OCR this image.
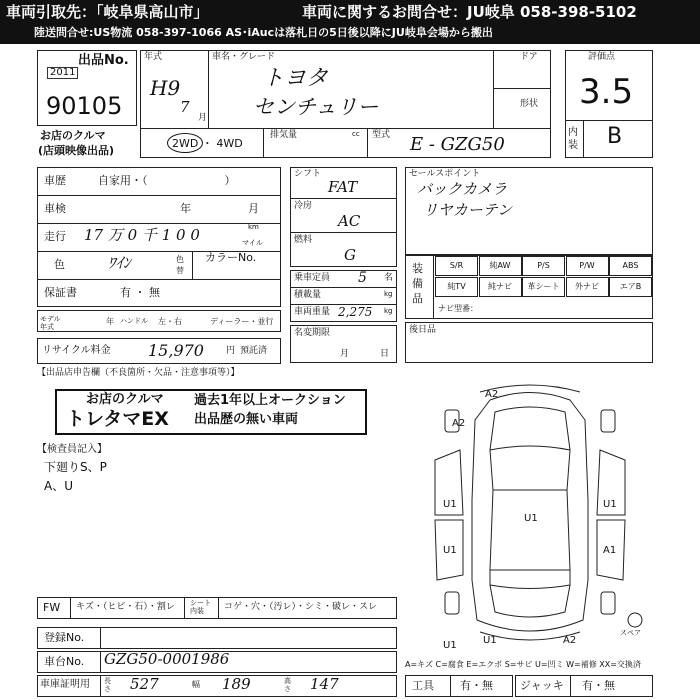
車両引取先：「岐阜県高山市」	車両に関するお問合せ：JU岐阜 058-398-5102
陸送問合せ:US物流 058-397-1066 AS･iAucは落札日の5日後以降にJU岐阜会場から搬出
出品No.
2011
90105
お店のクルマ
(店頭映像出品)
年式
H9
7
月
車名・グレード
トヨタ
センチュリー
ドア
形状
2WD ・ 4WD
排気量	cc 型式 E - GZG50
評価点
3.5
内装 B
車歴	自家用・（　　　　　　　）
車検	年	月
走行 17 万 0 千 1 0 0	km
マイル
色	ﾜｲﾝ	色替
カラーNo.
保証書	有 ・ 無
モデル年式
年 ハンドル 左・右	ディーラー・並行
リサイクル料金 15,970 円 預託済
シフト
FAT
冷房
AC
燃料
G
乗車定員 5 名
積載量	kg
車両重量 2,275 kg
名変期限
月	日
セールスポイント
バックカメラ
リヤカーテン
装備品
S/R	純AW	P/S	P/W	ABS
純TV	純ナビ	革シート	外ナビ	エアB
ナビ型番：
後日品
【出品店申告欄（不良箇所・欠品・注意事項等）】
お店のクルマ
トレタマEX
過去1年以上オークション
出品歴の無い車両
【検査員記入】
下廻りS、P
A、U
A2
A2
U1
U1
U1
U1	A1
U1
U1	A2
スペア
FW キズ・（ヒビ・石）・割レ シート内装	コゲ・穴・（汚レ）・シミ・破レ・スレ
登録No.
車台No. GZG50-0001986	A=キズ C=腐食 E=エクボ S=サビ U=凹ミ W=補修 XX=交換済
車庫証明用 長さ 527	幅 189	高さ 147	工具 有・無 ジャッキ 有・無
